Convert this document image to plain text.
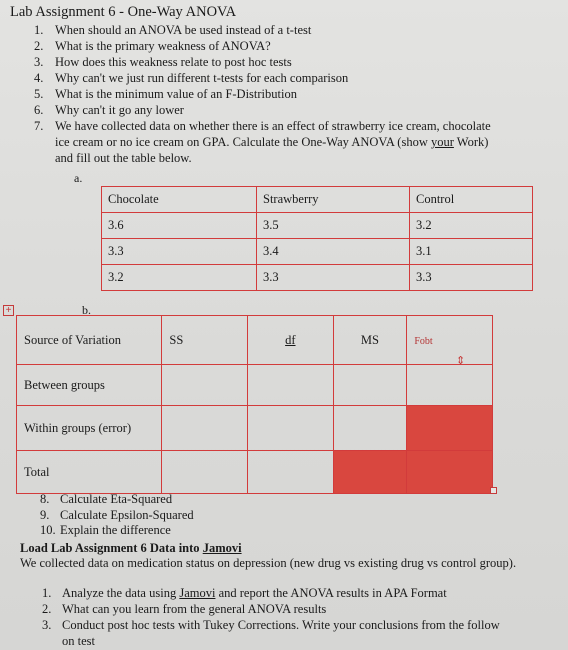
Lab Assignment 6 - One-Way ANOVA
1. When should an ANOVA be used instead of a t-test
2. What is the primary weakness of ANOVA?
3. How does this weakness relate to post hoc tests
4. Why can't we just run different t-tests for each comparison
5. What is the minimum value of an F-Distribution
6. Why can't it go any lower
7. We have collected data on whether there is an effect of strawberry ice cream, chocolate
ice cream or no ice cream on GPA. Calculate the One-Way ANOVA (show your Work)
and fill out the table below.
a.
Chocolate	Strawberry	Control
3.6	3.5	3.2
3.3	3.4	3.1
3.2	3.3	3.3
+	b.
Source of Variation	SS	df	MS	Fobt
Between groups				
Within groups (error)				
Total				
⇕
8. Calculate Eta-Squared
9. Calculate Epsilon-Squared
10. Explain the difference
Load Lab Assignment 6 Data into Jamovi
We collected data on medication status on depression (new drug vs existing drug vs control group).
1. Analyze the data using Jamovi and report the ANOVA results in APA Format
2. What can you learn from the general ANOVA results
3. Conduct post hoc tests with Tukey Corrections. Write your conclusions from the follow
on test
